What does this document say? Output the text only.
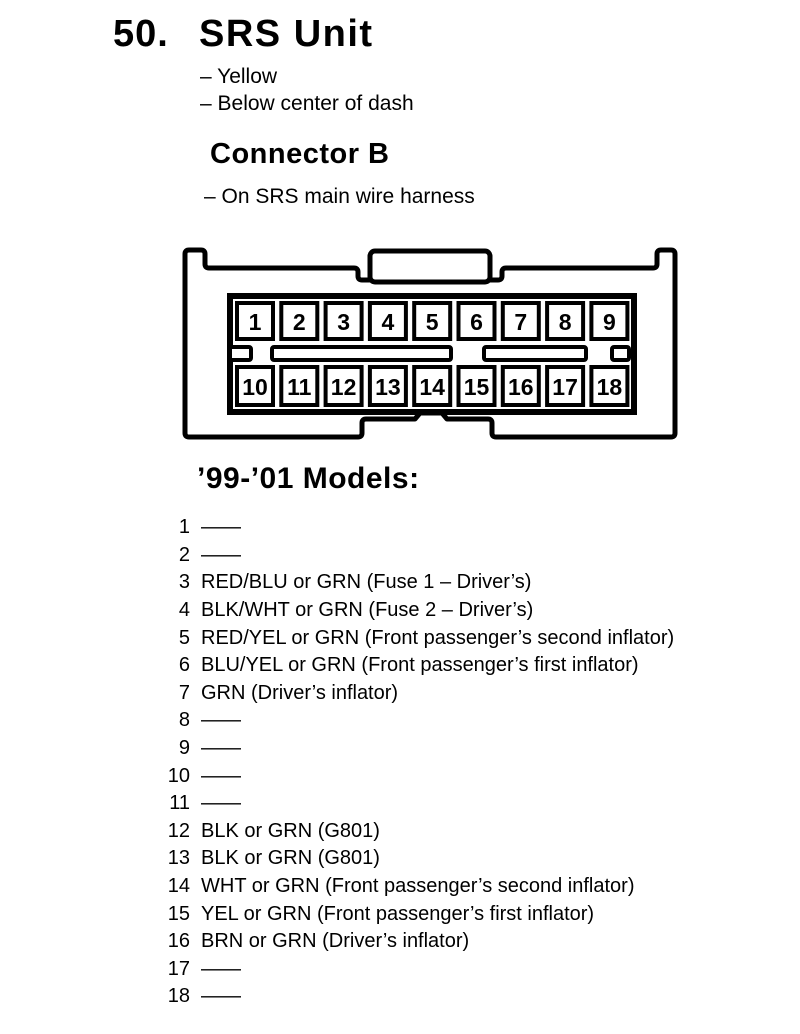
50. SRS Unit
– Yellow
– Below center of dash
Connector B
– On SRS main wire harness
1 2 3 4 5 6 7 8 9
10 11 12 13 14 15 16 17 18
’99-’01 Models:
1 ——
2 ——
3 RED/BLU or GRN (Fuse 1 – Driver’s)
4 BLK/WHT or GRN (Fuse 2 – Driver’s)
5 RED/YEL or GRN (Front passenger’s second inflator)
6 BLU/YEL or GRN (Front passenger’s first inflator)
7 GRN (Driver’s inflator)
8 ——
9 ——
10 ——
11 ——
12 BLK or GRN (G801)
13 BLK or GRN (G801)
14 WHT or GRN (Front passenger’s second inflator)
15 YEL or GRN (Front passenger’s first inflator)
16 BRN or GRN (Driver’s inflator)
17 ——
18 ——
